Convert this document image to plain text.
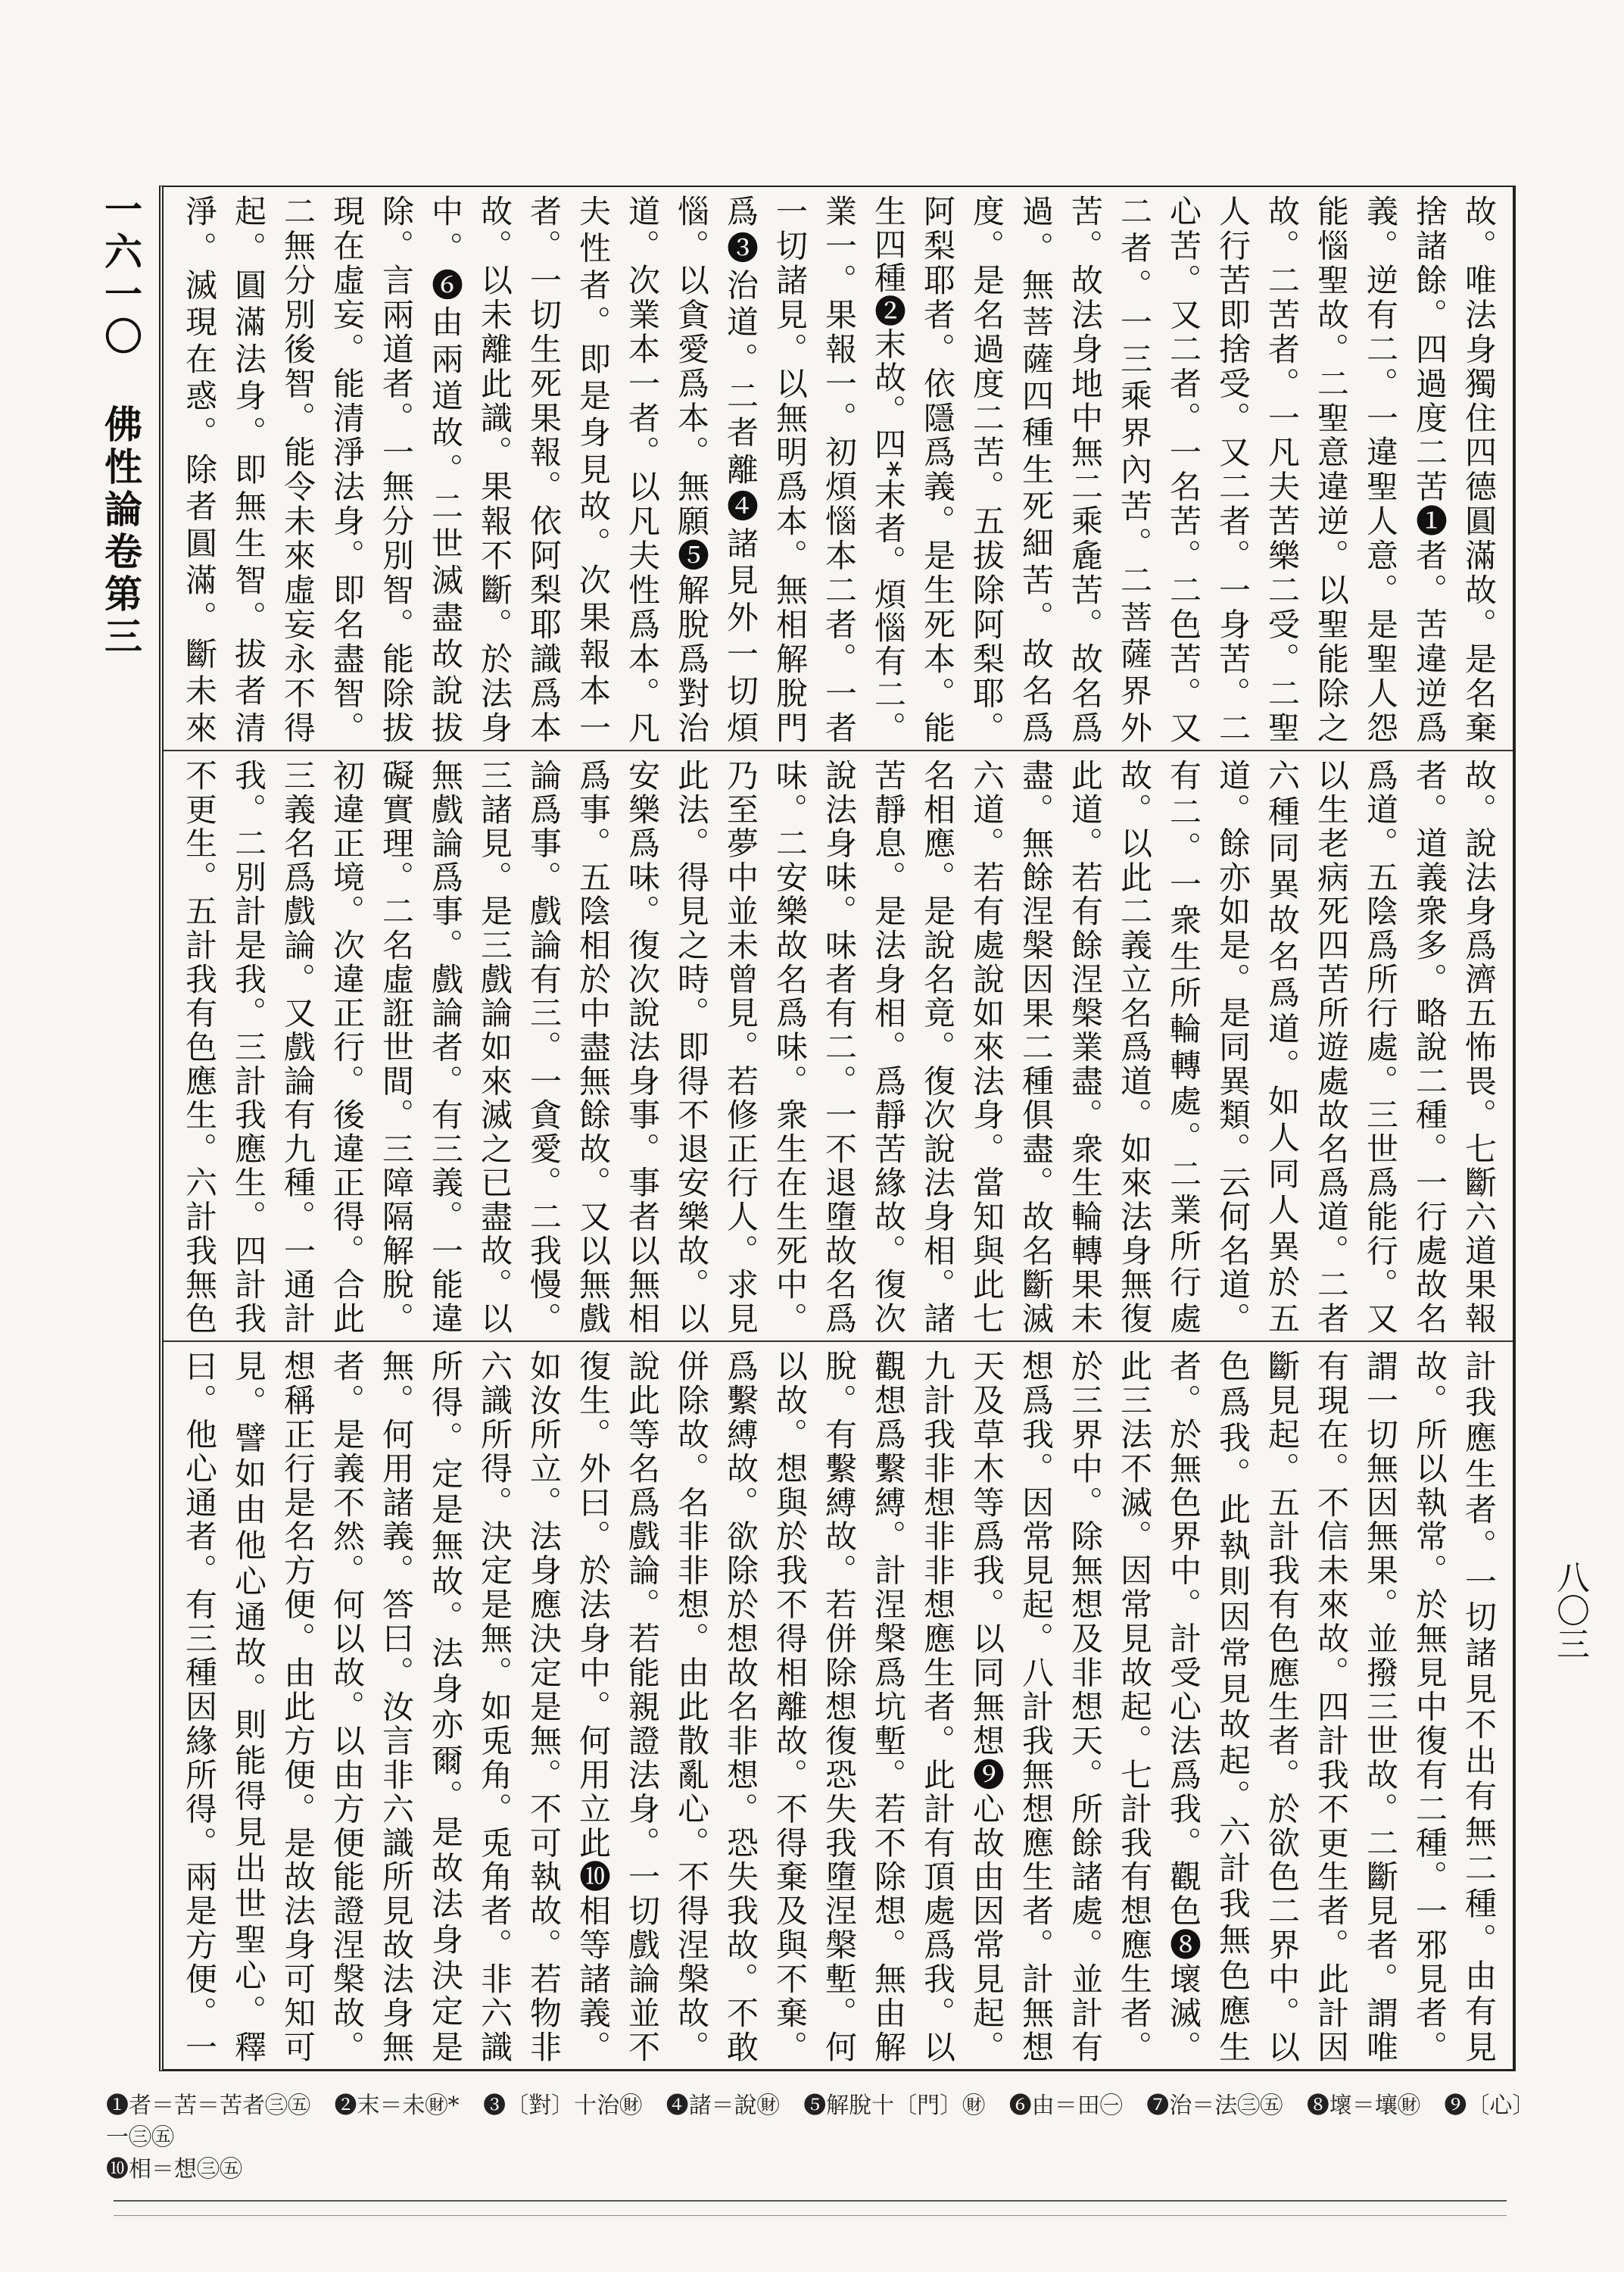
一六一〇佛性論卷第三
八〇三
故。唯法身獨住四德圓滿故。是名棄捨諸餘。四過度二苦❶者。苦違逆爲義。逆有二。一違聖人意。是聖人怨能惱聖故。二聖意違逆。以聖能除之故。二苦者。一凡夫苦樂二受。二聖人行苦即捨受。又二者。一身苦。二心苦。又二者。一名苦。二色苦。又二者。一三乘界內苦。二菩薩界外苦。故法身地中無二乘麁苦。故名爲過。無菩薩四種生死細苦。故名爲度。是名過度二苦。五拔除阿梨耶。阿梨耶者。依隱爲義。是生死本。能生四種❷末故。四*末者。煩惱有二。業一。果報一。初煩惱本二者。一者一切諸見。以無明爲本。無相解脫門爲❸治道。二者離❹諸見外一切煩惱。以貪愛爲本。無願❺解脫爲對治道。次業本一者。以凡夫性爲本。凡夫性者。即是身見故。次果報本一者。一切生死果報。依阿梨耶識爲本故。以未離此識。果報不斷。於法身中。❻由兩道故。二世滅盡故說拔除。言兩道者。一無分別智。能除拔現在虛妄。能清淨法身。即名盡智。二無分別後智。能令未來虛妄永不得起。圓滿法身。即無生智。拔者清淨。滅現在惑。除者圓滿。斷未來
故。說法身爲濟五怖畏。七斷六道果報者。道義衆多。略說二種。一行處故名爲道。五陰爲所行處。三世爲能行。又以生老病死四苦所遊處故名爲道。二者六種同異故名爲道。如人同人異於五道。餘亦如是。是同異類。云何名道。有二。一衆生所輪轉處。二業所行處故。以此二義立名爲道。如來法身無復此道。若有餘涅槃業盡。衆生輪轉果未盡。無餘涅槃因果二種俱盡。故名斷滅六道。若有處說如來法身。當知與此七名相應。是說名竟。復次說法身相。諸苦靜息。是法身相。爲靜苦緣故。復次說法身味。味者有二。一不退墮故名爲味。二安樂故名爲味。衆生在生死中。乃至夢中並未曾見。若修正行人。求見此法。得見之時。即得不退安樂故。以安樂爲味。復次說法身事。事者以無相爲事。五陰相於中盡無餘故。又以無戲論爲事。戲論有三。一貪愛。二我慢。三諸見。是三戲論如來滅之已盡故。以無戲論爲事。戲論者。有三義。一能違礙實理。二名虛誑世間。三障隔解脫。初違正境。次違正行。後違正得。合此三義名爲戲論。又戲論有九種。一通計我。二別計是我。三計我應生。四計我不更生。五計我有色應生。六計我無色
計我應生者。一切諸見不出有無二種。由有見故。所以執常。於無見中復有二種。一邪見者。謂一切無因無果。並撥三世故。二斷見者。謂唯有現在。不信未來故。四計我不更生者。此計因斷見起。五計我有色應生者。於欲色二界中。以色爲我。此執則因常見故起。六計我無色應生者。於無色界中。計受心法爲我。觀色❽壞滅。此三法不滅。因常見故起。七計我有想應生者。於三界中。除無想及非想天。所餘諸處。並計有想爲我。因常見起。八計我無想應生者。計無想天及草木等爲我。以同無想❾心故由因常見起。九計我非想非非想應生者。此計有頂處爲我。以觀想爲繫縛。計涅槃爲坑塹。若不除想。無由解脫。有繫縛故。若併除想復恐失我墮涅槃塹。何以故。想與於我不得相離故。不得棄及與不棄。爲繫縛故。欲除於想故名非想。恐失我故。不敢併除故。名非非想。由此散亂心。不得涅槃故。說此等名爲戲論。若能親證法身。一切戲論並不復生。外曰。於法身中。何用立此❿相等諸義。如汝所立。法身應決定是無。不可執故。若物非六識所得。決定是無。如兎角。兎角者。非六識所得。定是無故。法身亦爾。是故法身決定是無。何用諸義。答曰。汝言非六識所見故法身無者。是義不然。何以故。以由方便能證涅槃故。想稱正行是名方便。由此方便。是故法身可知可見。譬如由他心通故。則能得見出世聖心。釋曰。他心通者。有三種因緣所得。兩是方便。一
❶者＝苦＝苦者㊂㊄ ❷末＝未㊖* ❸〔對〕十治㊖ ❹諸＝說㊖ ❺解脫十〔門〕㊖ ❻由＝田㊀ ❼治＝法㊂㊄ ❽壞＝壤㊖ ❾〔心〕一㊂㊄
❿相＝想㊂㊄
